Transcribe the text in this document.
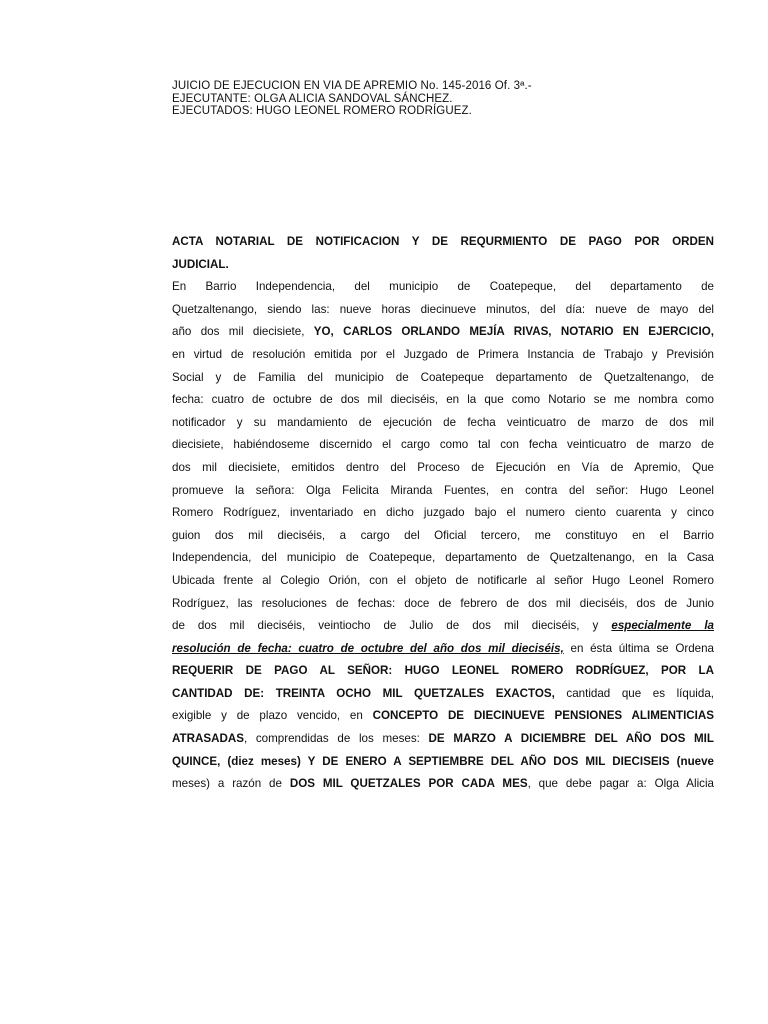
JUICIO DE EJECUCION EN VIA DE APREMIO No. 145-2016 Of. 3ª.-
EJECUTANTE: OLGA ALICIA SANDOVAL SÁNCHEZ.
EJECUTADOS: HUGO LEONEL ROMERO RODRÍGUEZ.
ACTA NOTARIAL DE NOTIFICACION Y DE REQURMIENTO DE PAGO POR ORDEN
JUDICIAL.
En Barrio Independencia, del municipio de Coatepeque, del departamento de
Quetzaltenango, siendo las: nueve horas diecinueve minutos, del día: nueve de mayo del
año dos mil diecisiete, YO, CARLOS ORLANDO MEJÍA RIVAS, NOTARIO EN EJERCICIO,
en virtud de resolución emitida por el Juzgado de Primera Instancia de Trabajo y Previsión
Social y de Familia del municipio de Coatepeque departamento de Quetzaltenango, de
fecha: cuatro de octubre de dos mil dieciséis, en la que como Notario se me nombra como
notificador y su mandamiento de ejecución de fecha veinticuatro de marzo de dos mil
diecisiete, habiéndoseme discernido el cargo como tal con fecha veinticuatro de marzo de
dos mil diecisiete, emitidos dentro del Proceso de Ejecución en Vía de Apremio, Que
promueve la señora: Olga Felicita Miranda Fuentes, en contra del señor: Hugo Leonel
Romero Rodríguez, inventariado en dicho juzgado bajo el numero ciento cuarenta y cinco
guion dos mil dieciséis, a cargo del Oficial tercero, me constituyo en el Barrio
Independencia, del municipio de Coatepeque, departamento de Quetzaltenango, en la Casa
Ubicada frente al Colegio Orión, con el objeto de notificarle al señor Hugo Leonel Romero
Rodríguez, las resoluciones de fechas: doce de febrero de dos mil dieciséis, dos de Junio
de dos mil dieciséis, veintiocho de Julio de dos mil dieciséis, y especialmente la
resolución de fecha: cuatro de octubre del año dos mil dieciséis, en ésta última se Ordena
REQUERIR DE PAGO AL SEÑOR: HUGO LEONEL ROMERO RODRÍGUEZ, POR LA
CANTIDAD DE: TREINTA OCHO MIL QUETZALES EXACTOS, cantidad que es líquida,
exigible y de plazo vencido, en CONCEPTO DE DIECINUEVE PENSIONES ALIMENTICIAS
ATRASADAS, comprendidas de los meses: DE MARZO A DICIEMBRE DEL AÑO DOS MIL
QUINCE, (diez meses) Y DE ENERO A SEPTIEMBRE DEL AÑO DOS MIL DIECISEIS (nueve
meses) a razón de DOS MIL QUETZALES POR CADA MES, que debe pagar a: Olga Alicia
